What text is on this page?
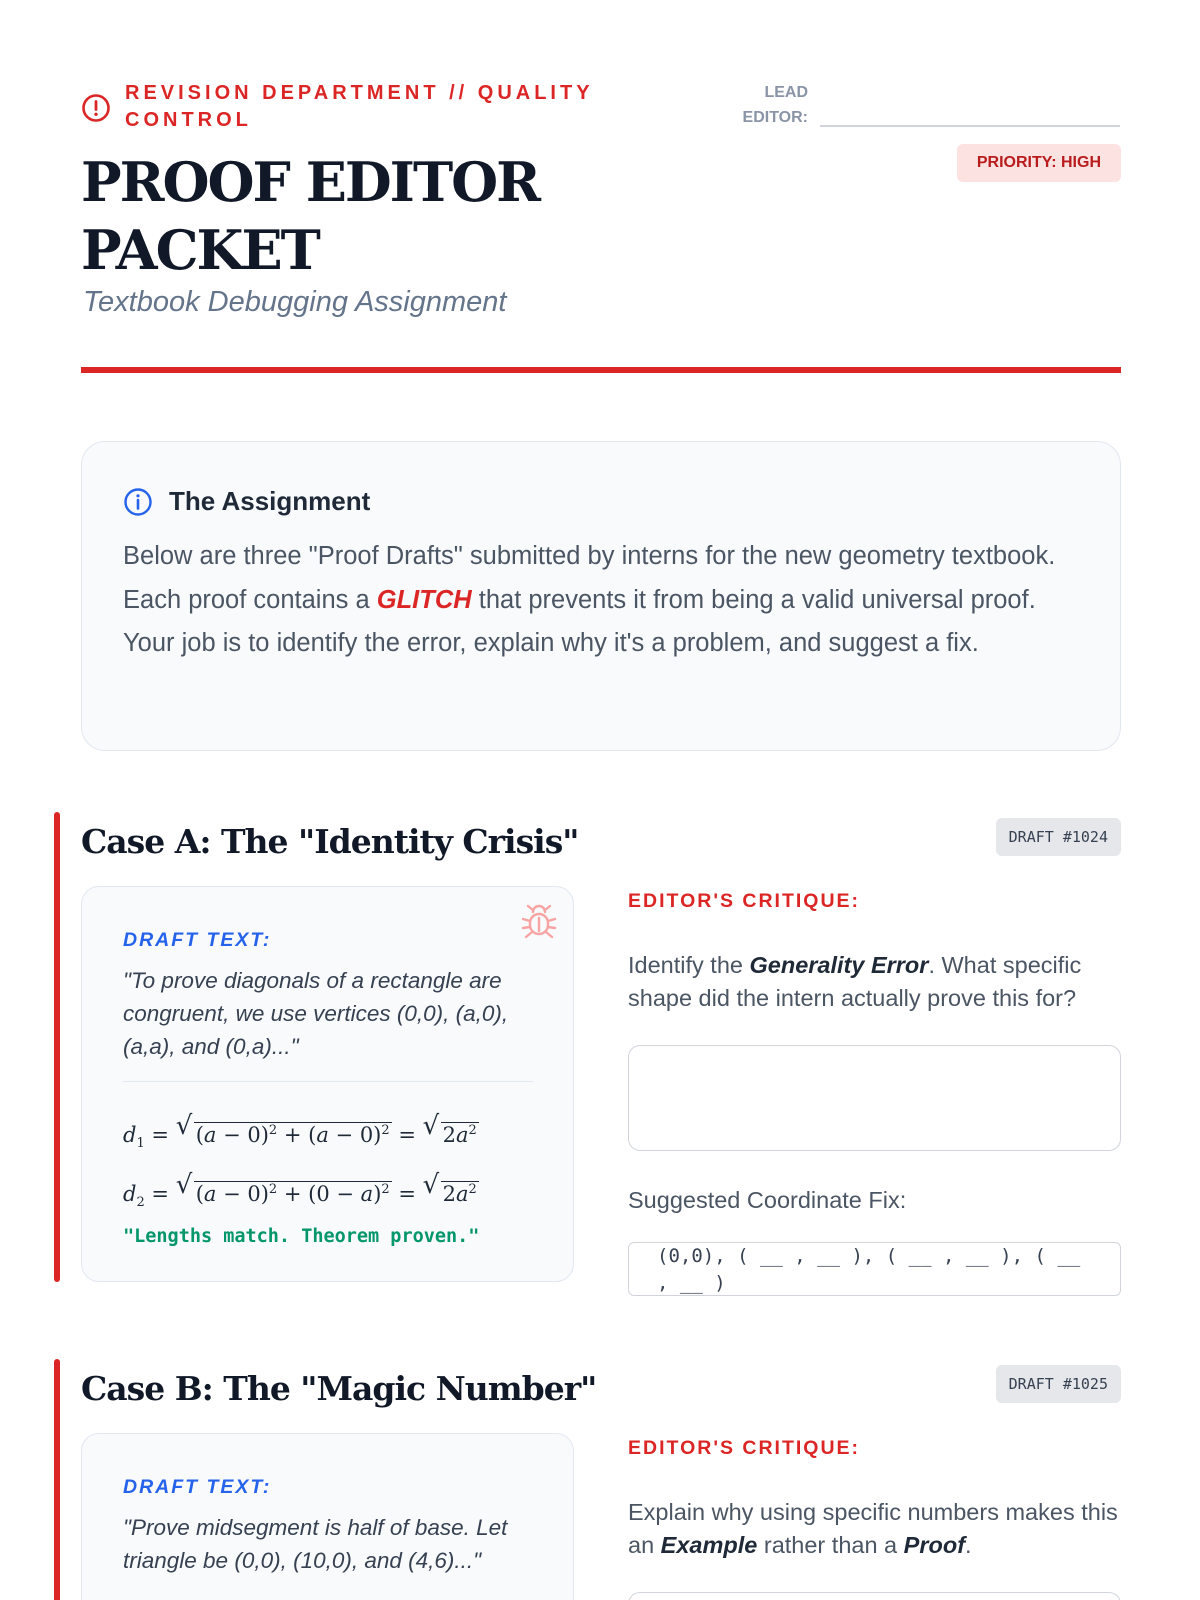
REVISION DEPARTMENT // QUALITY CONTROL
LEAD EDITOR:
PRIORITY: HIGH
PROOF EDITOR PACKET
Textbook Debugging Assignment
The Assignment

Below are three "Proof Drafts" submitted by interns for the new geometry textbook. Each proof contains a GLITCH that prevents it from being a valid universal proof. Your job is to identify the error, explain why it's a problem, and suggest a fix.

Case A: The "Identity Crisis"	DRAFT #1024
DRAFT TEXT:

"To prove diagonals of a rectangle are congruent, we use vertices (0,0), (a,0), (a,a), and (0,a)..."

$d_1$ = √ $(a - 0)^2 + (a - 0)^2$ = √ $2a^2$
$d_2$ = √ $(a - 0)^2 + (0 - a)^2$ = √ $2a^2$
"Lengths match. Theorem proven."
EDITOR'S CRITIQUE:

Identify the Generality Error. What specific shape did the intern actually prove this for?

Suggested Coordinate Fix:
(0,0), ( __ , __ ), ( __ , __ ), ( __ , __ )
Case B: The "Magic Number"	DRAFT #1025
DRAFT TEXT:

"Prove midsegment is half of base. Let triangle be (0,0), (10,0), and (4,6)..."

EDITOR'S CRITIQUE:

Explain why using specific numbers makes this an Example rather than a Proof.
